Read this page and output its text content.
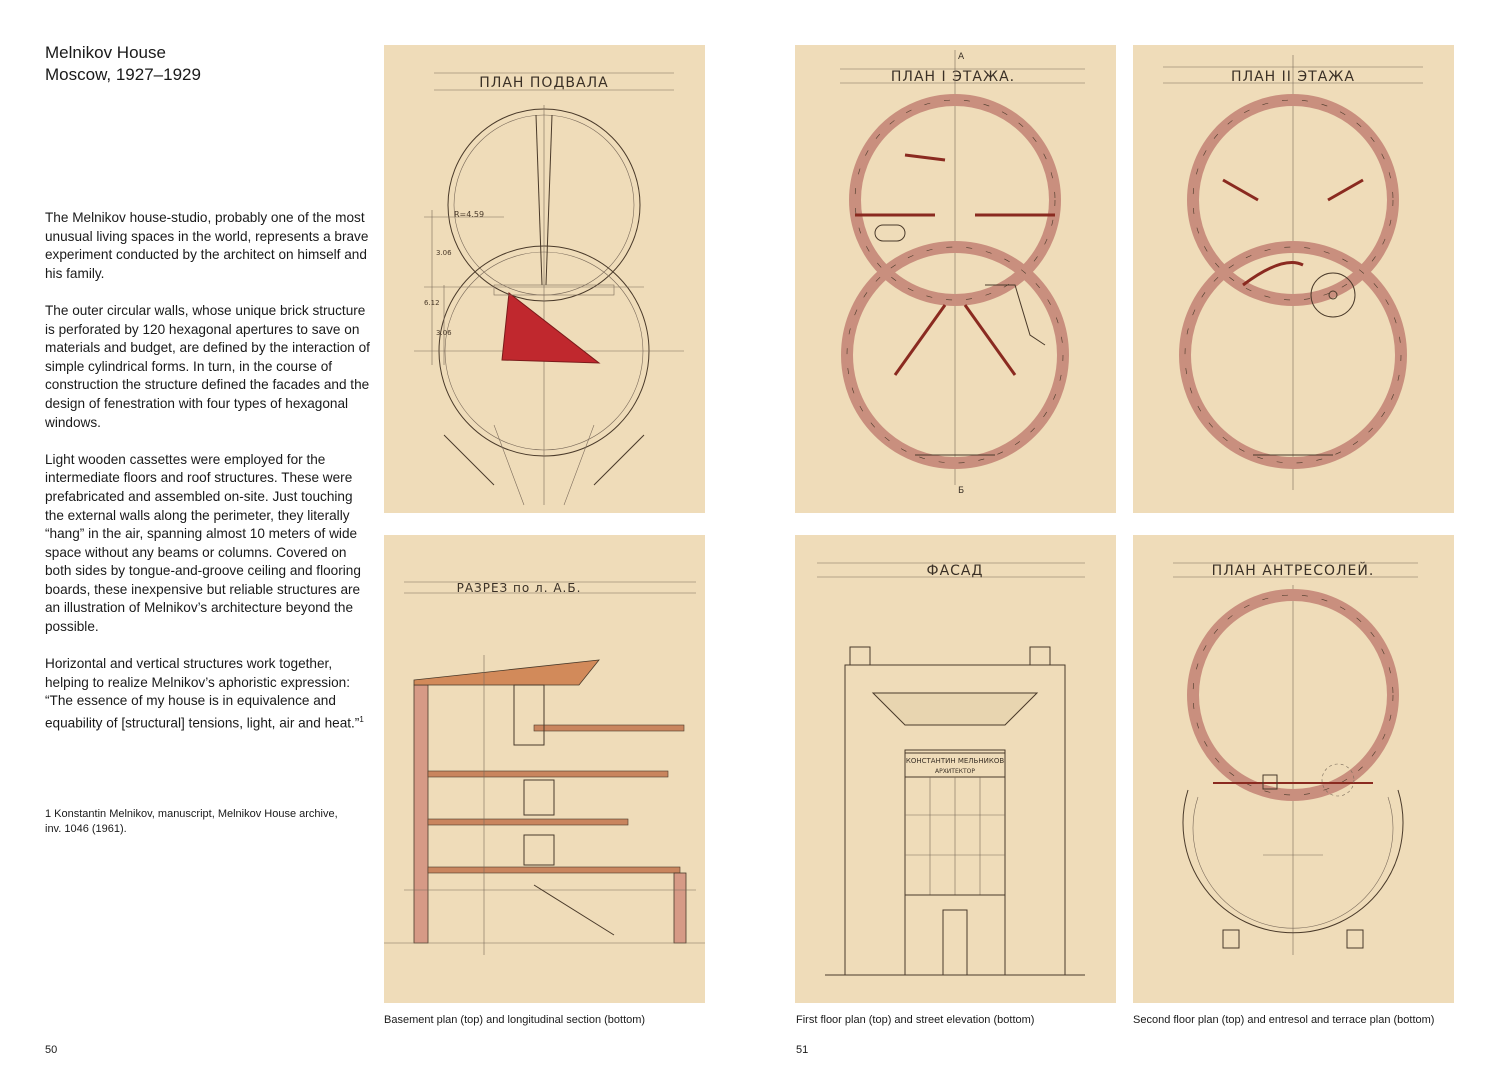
Melnikov House
Moscow, 1927–1929

The Melnikov house-studio, probably one of the most unusual living spaces in the world, represents a brave experiment conducted by the architect on himself and his family.

The outer circular walls, whose unique brick structure is perforated by 120 hexagonal apertures to save on materials and budget, are defined by the interaction of simple cylindrical forms. In turn, in the course of construction the structure defined the facades and the design of fenestration with four types of hexagonal windows.

Light wooden cassettes were employed for the intermediate floors and roof structures. These were prefabricated and assembled on-site. Just touching the external walls along the perimeter, they literally “hang” in the air, spanning almost 10 meters of wide space without any beams or columns. Covered on both sides by tongue-and-groove ceiling and flooring boards, these inexpensive but reliable structures are an illustration of Melnikov’s architecture beyond the possible.

Horizontal and vertical structures work together, helping to realize Melnikov’s aphoristic expression: “The essence of my house is in equivalence and equability of [structural] tensions, light, air and heat.”$^1$

1 Konstantin Melnikov, manuscript, Melnikov House archive, inv. 1046 (1961).
50	51
ПЛАН ПОДВАЛА
R=4.59
3.06
6.12
3.06
РАЗРЕЗ по л. А.Б.
ПЛАН I ЭТАЖА.
А
Б
ФАСАД
КОНСТАНТИН МЕЛЬНИКОВ
АРХИТЕКТОР
ПЛАН II ЭТАЖА
ПЛАН АНТРЕСОЛЕЙ.
Basement plan (top) and longitudinal section (bottom)	First floor plan (top) and street elevation (bottom)	Second floor plan (top) and entresol and terrace plan (bottom)
